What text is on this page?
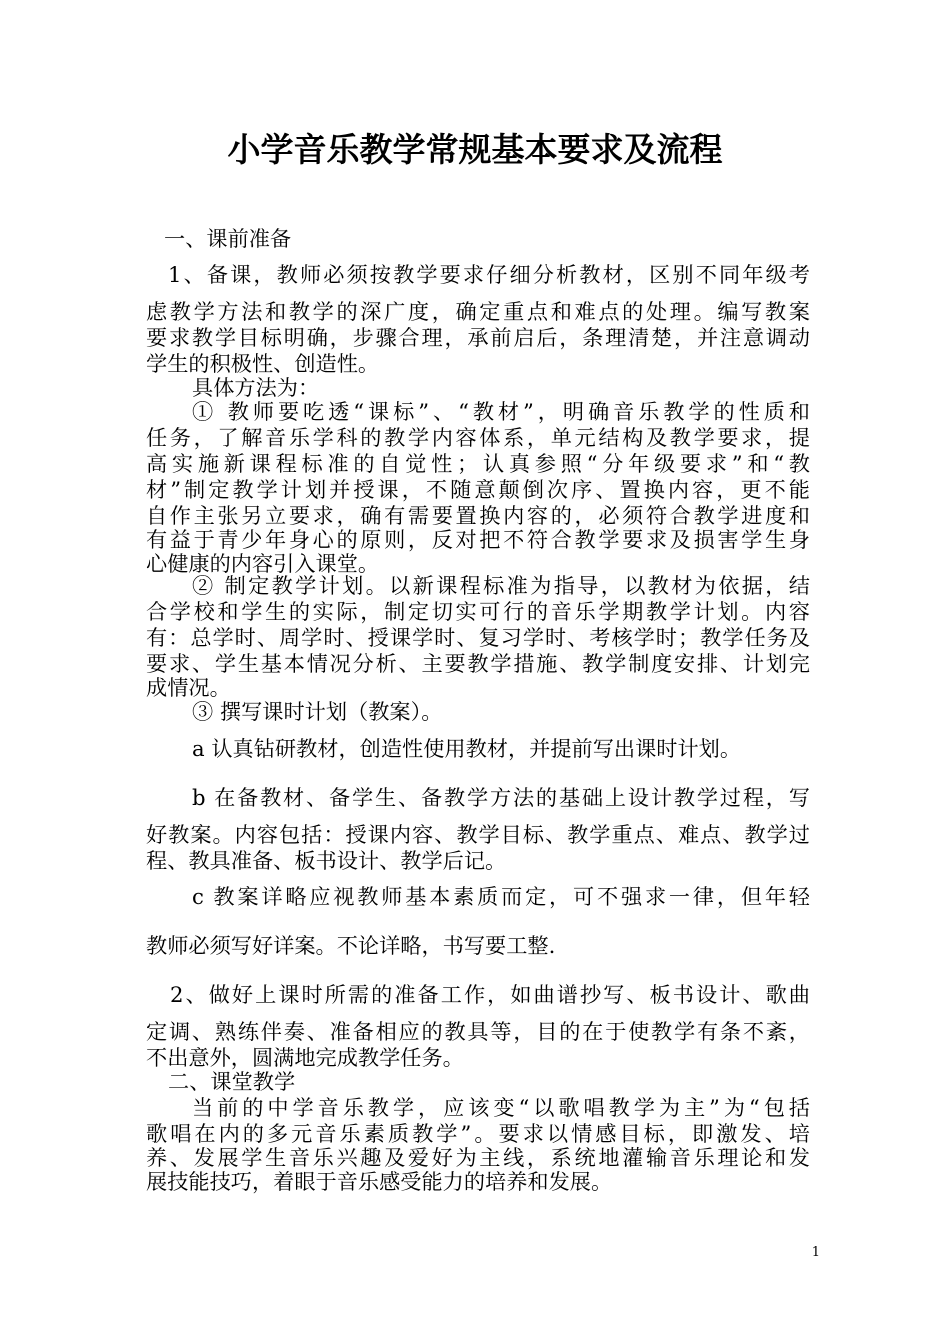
小学音乐教学常规基本要求及流程
一、课前准备
1、备课，教师必须按教学要求仔细分析教材，区别不同年级考
虑教学方法和教学的深广度，确定重点和难点的处理。编写教案
要求教学目标明确，步骤合理，承前启后，条理清楚，并注意调动
学生的积极性、创造性。
具体方法为：
① 教师要吃透“课标”、“教材”，明确音乐教学的性质和
任务，了解音乐学科的教学内容体系，单元结构及教学要求，提
高实施新课程标准的自觉性；认真参照“分年级要求”和“教
材”制定教学计划并授课，不随意颠倒次序、置换内容，更不能
自作主张另立要求，确有需要置换内容的，必须符合教学进度和
有益于青少年身心的原则，反对把不符合教学要求及损害学生身
心健康的内容引入课堂。
② 制定教学计划。以新课程标准为指导，以教材为依据，结
合学校和学生的实际，制定切实可行的音乐学期教学计划。内容
有：总学时、周学时、授课学时、复习学时、考核学时；教学任务及
要求、学生基本情况分析、主要教学措施、教学制度安排、计划完
成情况。
③ 撰写课时计划（教案）。
a 认真钻研教材，创造性使用教材，并提前写出课时计划。
b 在备教材、备学生、备教学方法的基础上设计教学过程，写
好教案。内容包括：授课内容、教学目标、教学重点、难点、教学过
程、教具准备、板书设计、教学后记。
c 教案详略应视教师基本素质而定，可不强求一律，但年轻
教师必须写好详案。不论详略，书写要工整.
2、做好上课时所需的准备工作，如曲谱抄写、板书设计、歌曲
定调、熟练伴奏、准备相应的教具等，目的在于使教学有条不紊，
不出意外，圆满地完成教学任务。
二、课堂教学
当前的中学音乐教学，应该变“以歌唱教学为主”为“包括
歌唱在内的多元音乐素质教学”。要求以情感目标，即激发、培
养、发展学生音乐兴趣及爱好为主线，系统地灌输音乐理论和发
展技能技巧，着眼于音乐感受能力的培养和发展。
1
